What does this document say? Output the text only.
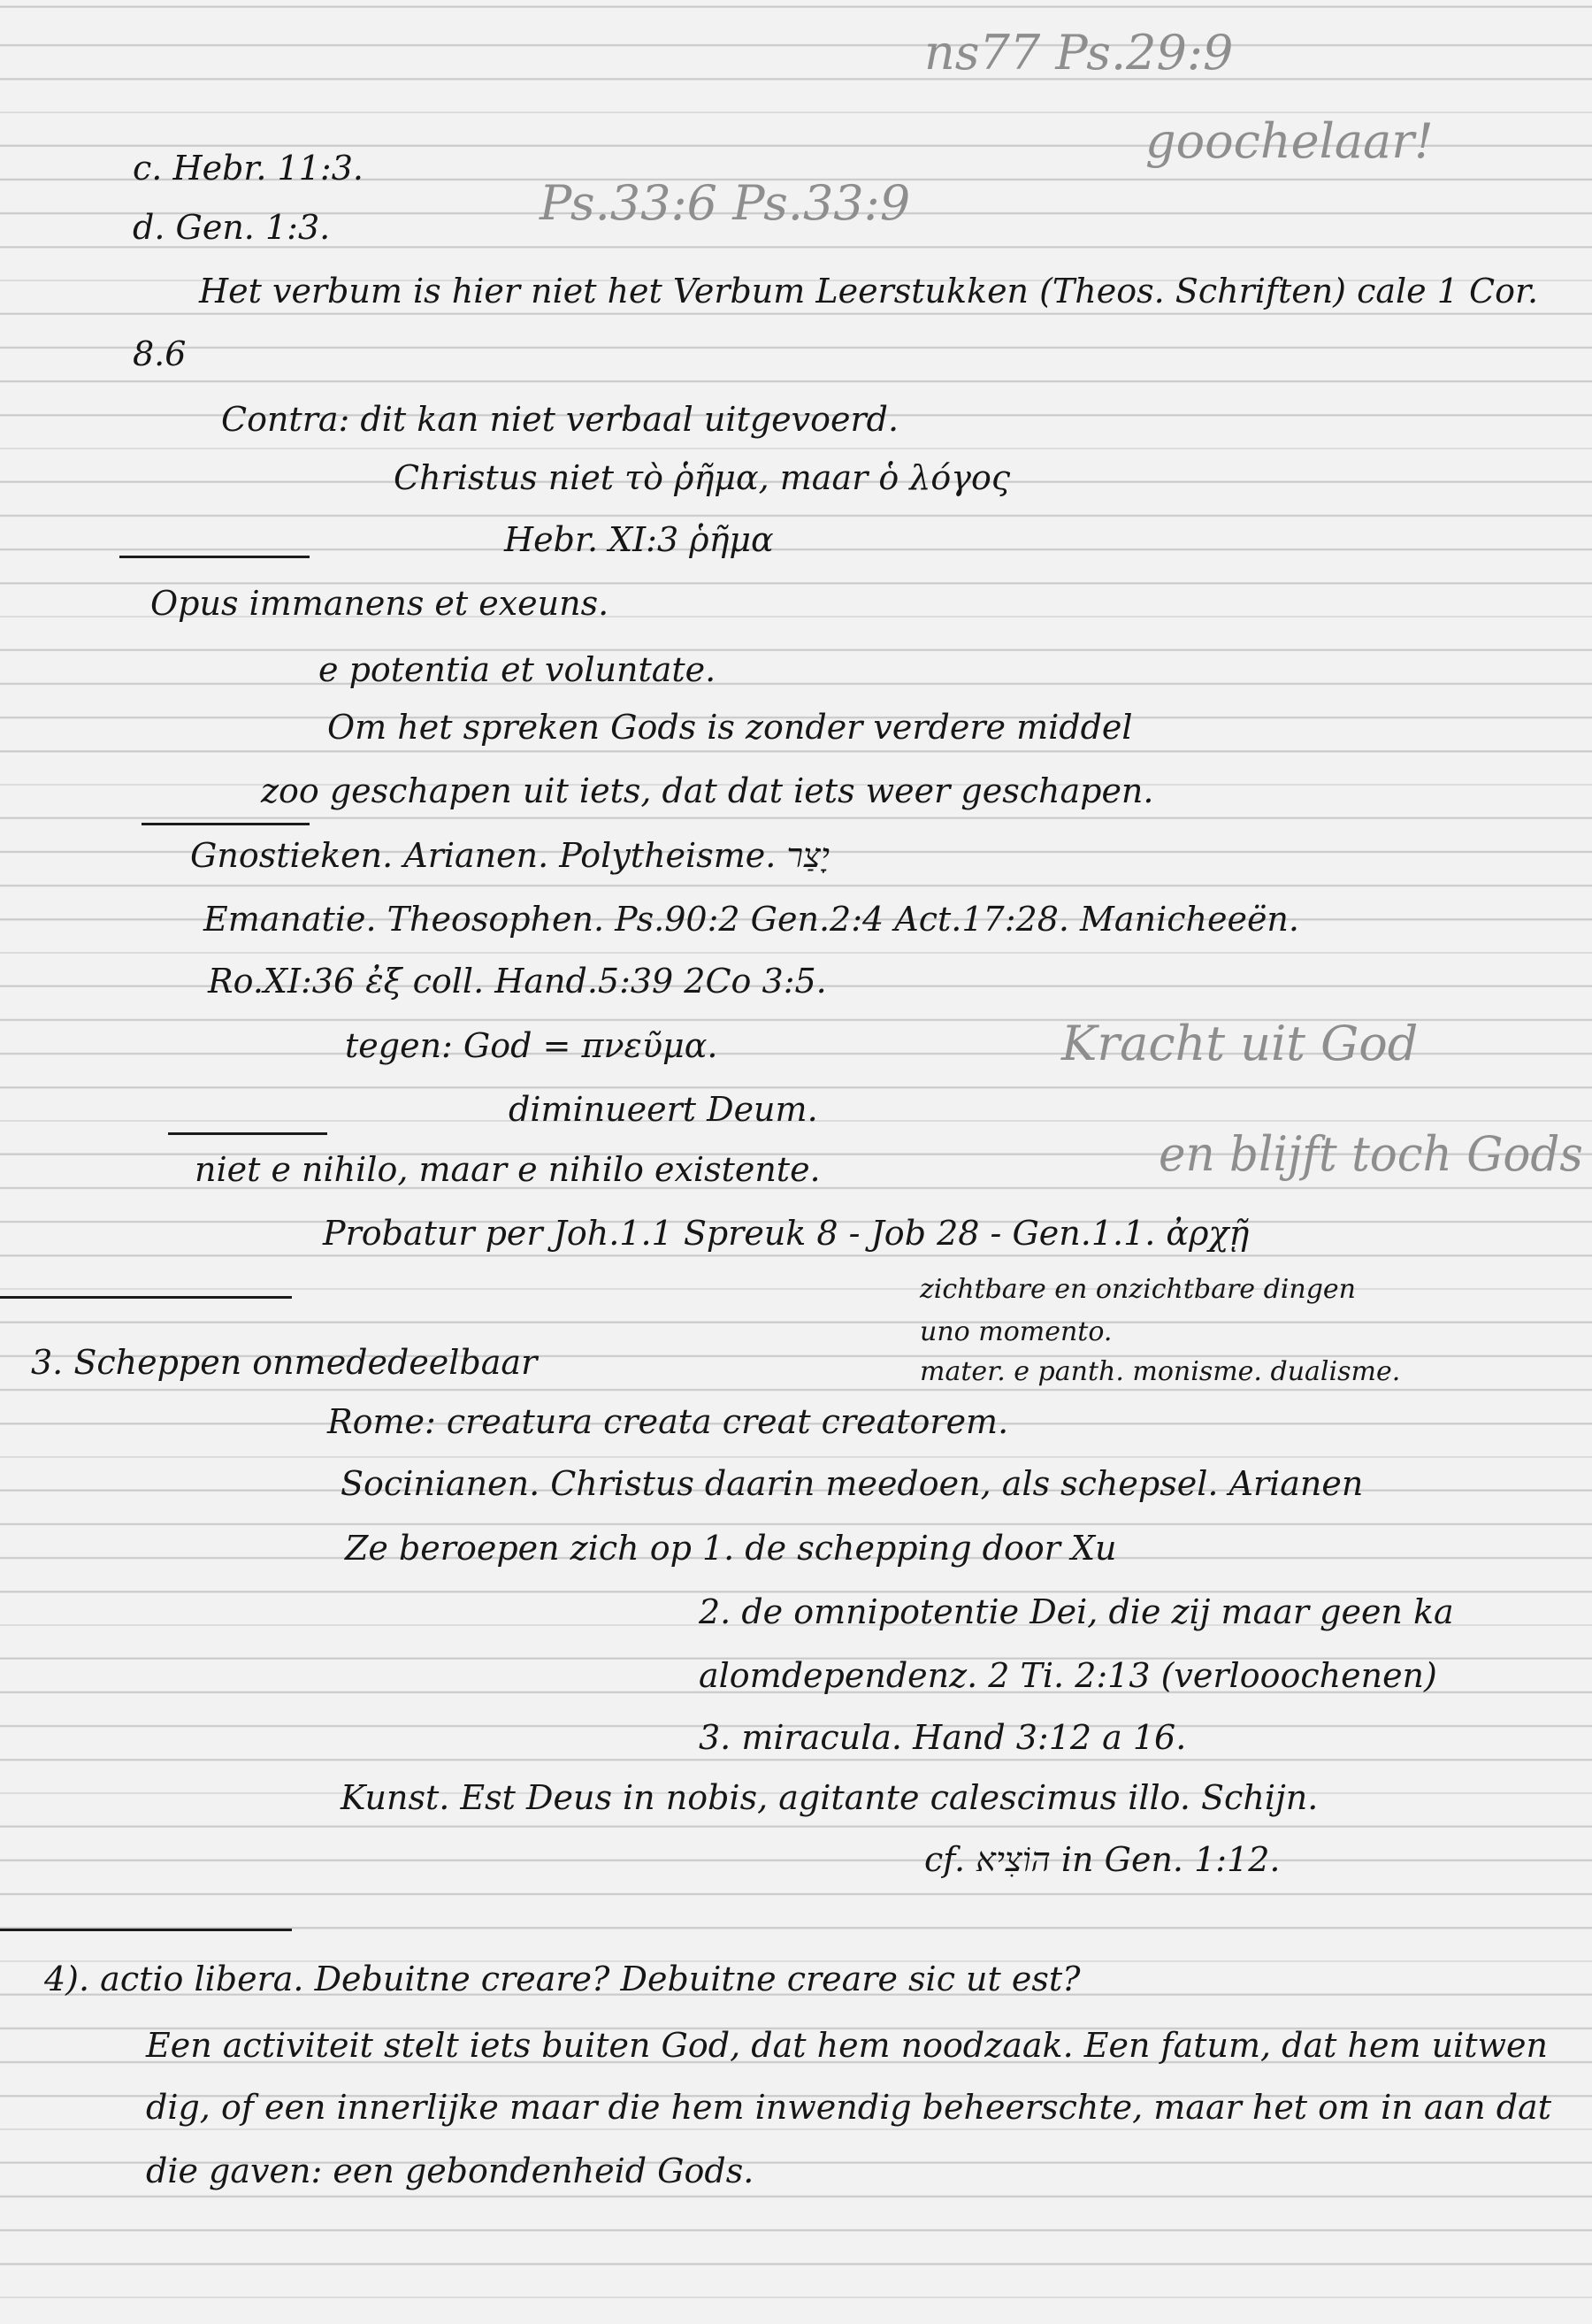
ns77 Ps.29:9
goochelaar!
Ps.33:6 Ps.33:9
Kracht uit God
en blijft toch Gods
c. Hebr. 11:3.
d. Gen. 1:3.
Het verbum is hier niet het Verbum Leerstukken (Theos. Schriften) cale 1 Cor.
8.6
Contra: dit kan niet verbaal uitgevoerd.
Christus niet τὸ ῥῆμα, maar ὁ λόγος
Hebr. XI:3 ῥῆμα
Opus immanens et exeuns.
e potentia et voluntate.
Om het spreken Gods is zonder verdere middel
zoo geschapen uit iets, dat dat iets weer geschapen.
Gnostieken. Arianen. Polytheisme. יָצַר
Emanatie. Theosophen. Ps.90:2 Gen.2:4 Act.17:28. Manicheeën.
Ro.XI:36 ἐξ coll. Hand.5:39 2Co 3:5.
tegen: God = πνεῦμα.
diminueert Deum.
niet e nihilo, maar e nihilo existente.
Probatur per Joh.1.1 Spreuk 8 - Job 28 - Gen.1.1. ἀρχῇ
zichtbare en onzichtbare dingen
uno momento.
mater. e panth. monisme. dualisme.
3. Scheppen onmededeelbaar
Rome: creatura creata creat creatorem.
Socinianen. Christus daarin meedoen, als schepsel. Arianen
Ze beroepen zich op 1. de schepping door Xu
2. de omnipotentie Dei, die zij maar geen ka
alomdependenz. 2 Ti. 2:13 (verlooochenen)
3. miracula. Hand 3:12 a 16.
Kunst. Est Deus in nobis, agitante calescimus illo. Schijn.
cf. הוֹצִיא in Gen. 1:12.
4). actio libera. Debuitne creare? Debuitne creare sic ut est?
Een activiteit stelt iets buiten God, dat hem noodzaak. Een fatum, dat hem uitwen
dig, of een innerlijke maar die hem inwendig beheerschte, maar het om in aan dat
die gaven: een gebondenheid Gods.
